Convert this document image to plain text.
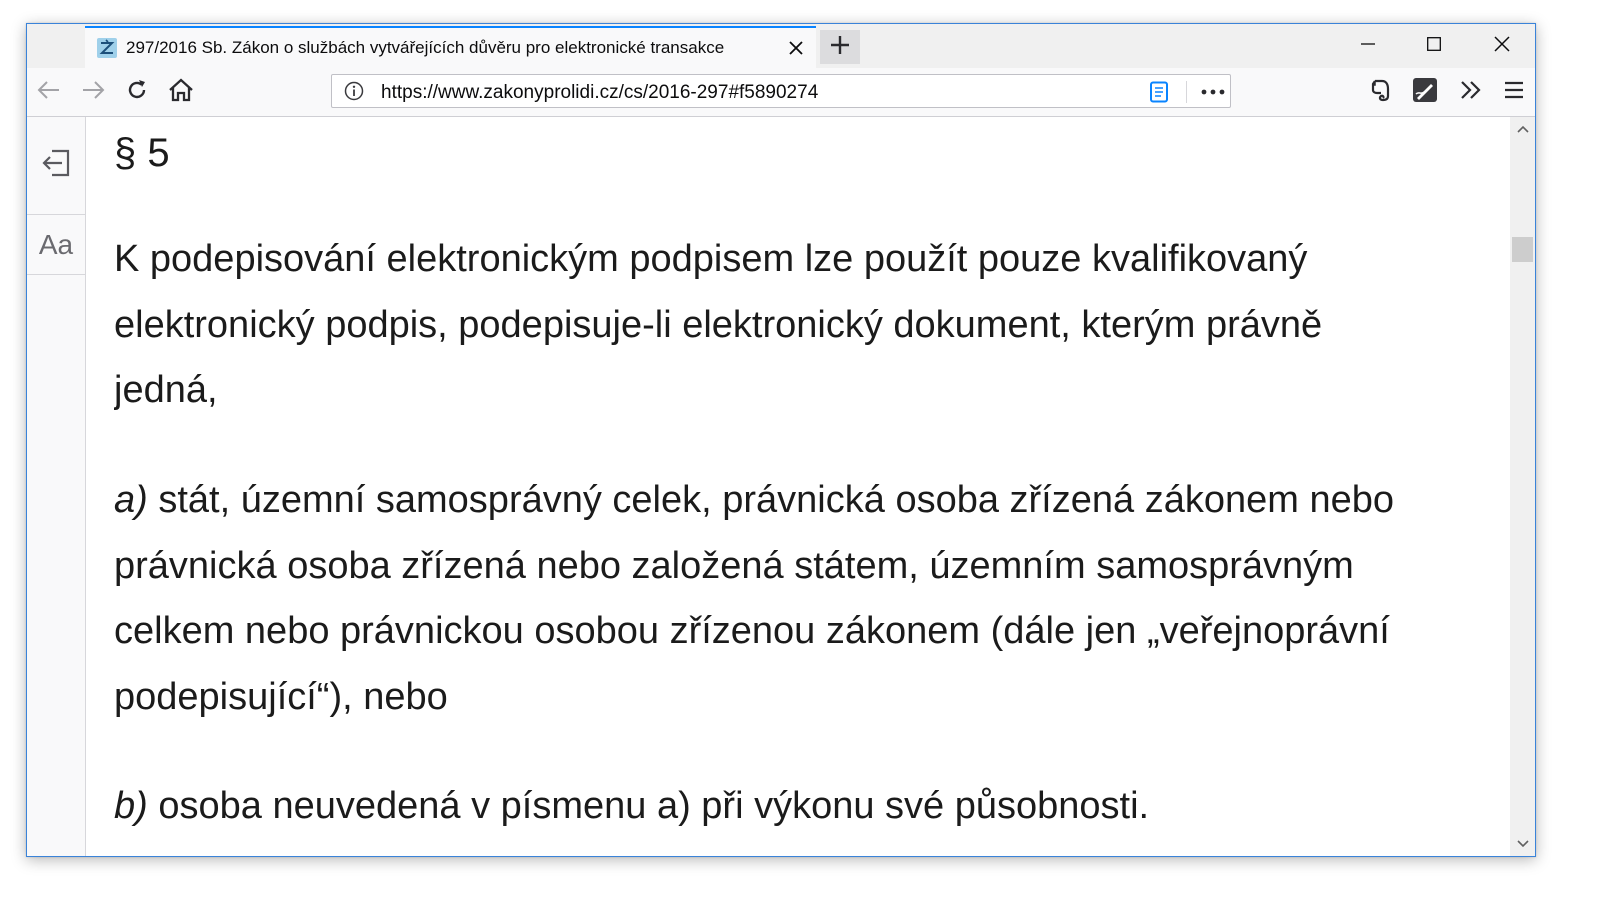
297/2016 Sb. Zákon o službách vytvářejících důvěru pro elektronické transakce
https://www.zakonyprolidi.cz/cs/2016-297#f5890274
Aa
§ 5

K podepisování elektronickým podpisem lze použít pouze kvalifikovaný elektronický podpis, podepisuje-li elektronický dokument, kterým právně jedná,

a) stát, územní samosprávný celek, právnická osoba zřízená zákonem nebo právnická osoba zřízená nebo založená státem, územním samosprávným celkem nebo právnickou osobou zřízenou zákonem (dále jen „veřejnoprávní podepisující“), nebo

b) osoba neuvedená v písmenu a) při výkonu své působnosti.
